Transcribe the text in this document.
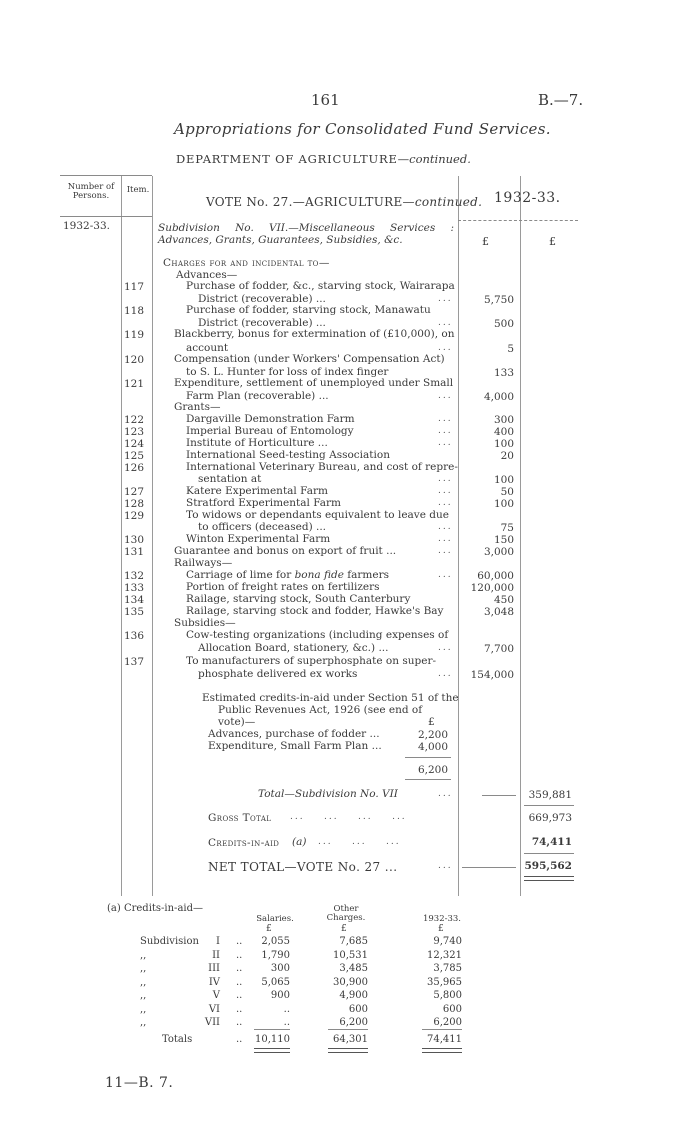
161	B.—7.
Appropriations for Consolidated Fund Services.
DEPARTMENT OF AGRICULTURE—continued.
Number of Persons.
Item.
VOTE No. 27.—AGRICULTURE—continued. 1932-33.
1932-33.
£	£
Subdivision No. VII.—Miscellaneous Services : Advances, Grants, Guarantees, Subsidies, &c.
Charges for and incidental to—
Advances—
117	Purchase of fodder, &c., starving stock, Wairarapa
District (recoverable) ...	...	5,750
118	Purchase of fodder, starving stock, Manawatu
District (recoverable) ...	...	500
119	Blackberry, bonus for extermination of (£10,000), on
account	...	5
120	Compensation (under Workers' Compensation Act)
to S. L. Hunter for loss of index finger	133
121	Expenditure, settlement of unemployed under Small
Farm Plan (recoverable) ...	...	4,000
Grants—
122	Dargaville Demonstration Farm	...	300
123	Imperial Bureau of Entomology	...	400
124	Institute of Horticulture ...	...	100
125	International Seed-testing Association	20
126	International Veterinary Bureau, and cost of repre-
sentation at	...	100
127	Katere Experimental Farm	...	50
128	Stratford Experimental Farm	...	100
129	To widows or dependants equivalent to leave due
to officers (deceased) ...	...	75
130	Winton Experimental Farm	...	150
131	Guarantee and bonus on export of fruit ...	...	3,000
Railways—
132	Carriage of lime for bona fide farmers	...	60,000
133	Portion of freight rates on fertilizers	120,000
134	Railage, starving stock, South Canterbury	450
135	Railage, starving stock and fodder, Hawke's Bay	3,048
Subsidies—
136	Cow-testing organizations (including expenses of
Allocation Board, stationery, &c.) ...	...	7,700
137	To manufacturers of superphosphate on super-
phosphate delivered ex works	...	154,000
Estimated credits-in-aid under Section 51 of the
Public Revenues Act, 1926 (see end of
vote)—	£
Advances, purchase of fodder ...	2,200
Expenditure, Small Farm Plan ...	4,000
6,200
Total—Subdivision No. VII	...	359,881
Gross Total ...    ...    ...    ...	669,973
Credits-in-aid (a) ...    ...    ...	74,411
NET TOTAL—VOTE No. 27 ...	...	595,562
(a) Credits-in-aid—
Salaries.
Other Charges.	1932-33.
£	£	£
Subdivision	I ..	2,055	7,685	9,740
,,	II ..	1,790	10,531	12,321
,,	III ..	300	3,485	3,785
,,	IV ..	5,065	30,900	35,965
,,	V ..	900	4,900	5,800
,,	VI ..	..	600	600
,,	VII ..	..	6,200	6,200
Totals	..	10,110	64,301	74,411
11—B. 7.
